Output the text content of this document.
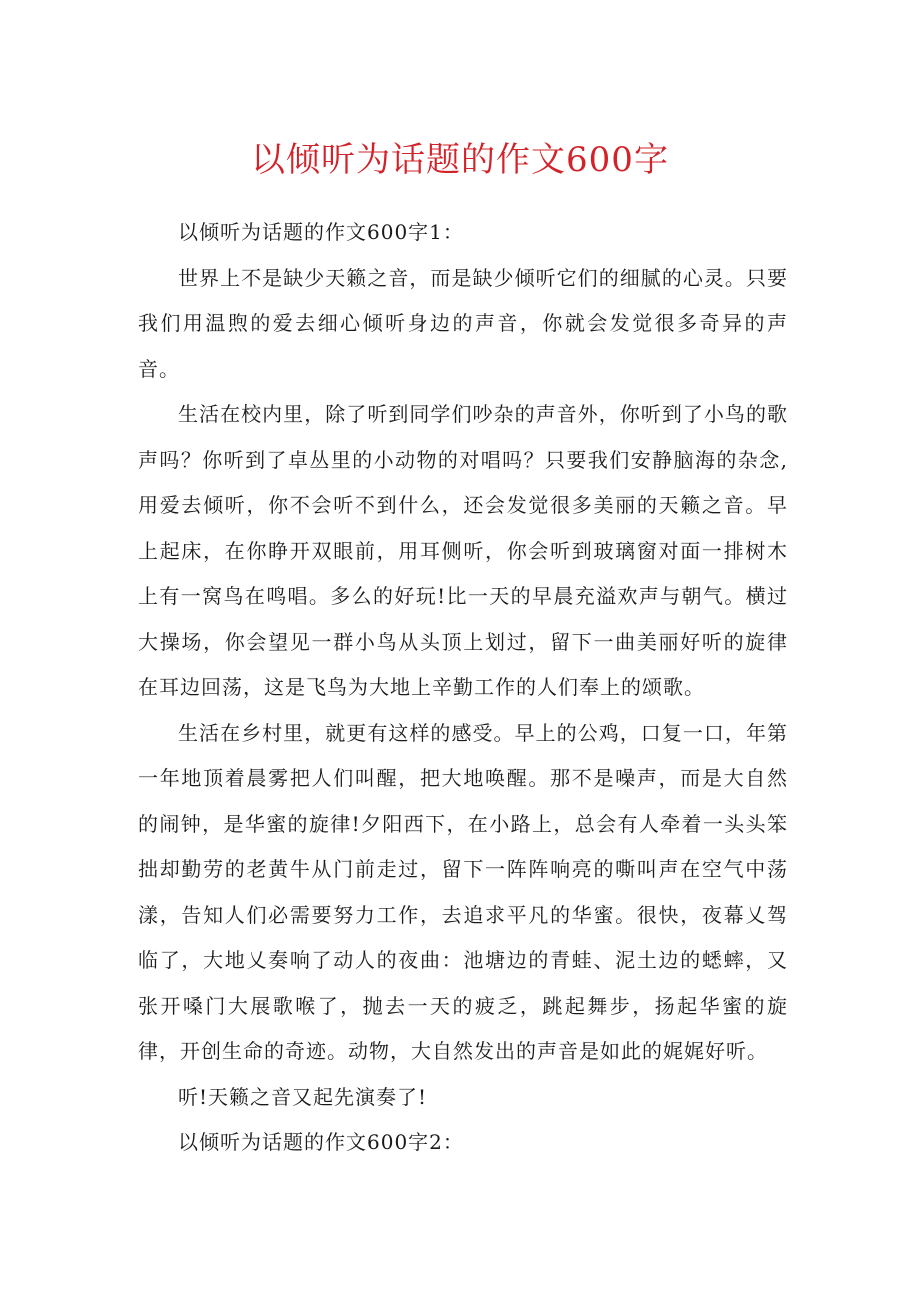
以倾听为话题的作文600字

以倾听为话题的作文600字1：

世界上不是缺少天籁之音，而是缺少倾听它们的细腻的心灵。只要我们用温煦的爱去细心倾听身边的声音，你就会发觉很多奇异的声音。

生活在校内里，除了听到同学们吵杂的声音外，你听到了小鸟的歌声吗？你听到了卓丛里的小动物的对唱吗？只要我们安静脑海的杂念,用爱去倾听，你不会听不到什么，还会发觉很多美丽的天籁之音。早上起床，在你睁开双眼前，用耳侧听，你会听到玻璃窗对面一排树木上有一窝鸟在鸣唱。多么的好玩!比一天的早晨充溢欢声与朝气。横过大操场，你会望见一群小鸟从头顶上划过，留下一曲美丽好听的旋律在耳边回荡，这是飞鸟为大地上辛勤工作的人们奉上的颂歌。

生活在乡村里，就更有这样的感受。早上的公鸡，口复一口，年第一年地顶着晨雾把人们叫醒，把大地唤醒。那不是噪声，而是大自然的闹钟，是华蜜的旋律!夕阳西下，在小路上，总会有人牵着一头头笨拙却勤劳的老黄牛从门前走过，留下一阵阵响亮的嘶叫声在空气中荡漾，告知人们必需要努力工作，去追求平凡的华蜜。很快，夜幕乂驾临了，大地乂奏响了动人的夜曲：池塘边的青蛙、泥土边的蟋蟀，又张开嗓门大展歌喉了，抛去一天的疲乏，跳起舞步，扬起华蜜的旋律，开创生命的奇迹。动物，大自然发出的声音是如此的娓娓好听。

听!天籁之音又起先演奏了!

以倾听为话题的作文600字2：
